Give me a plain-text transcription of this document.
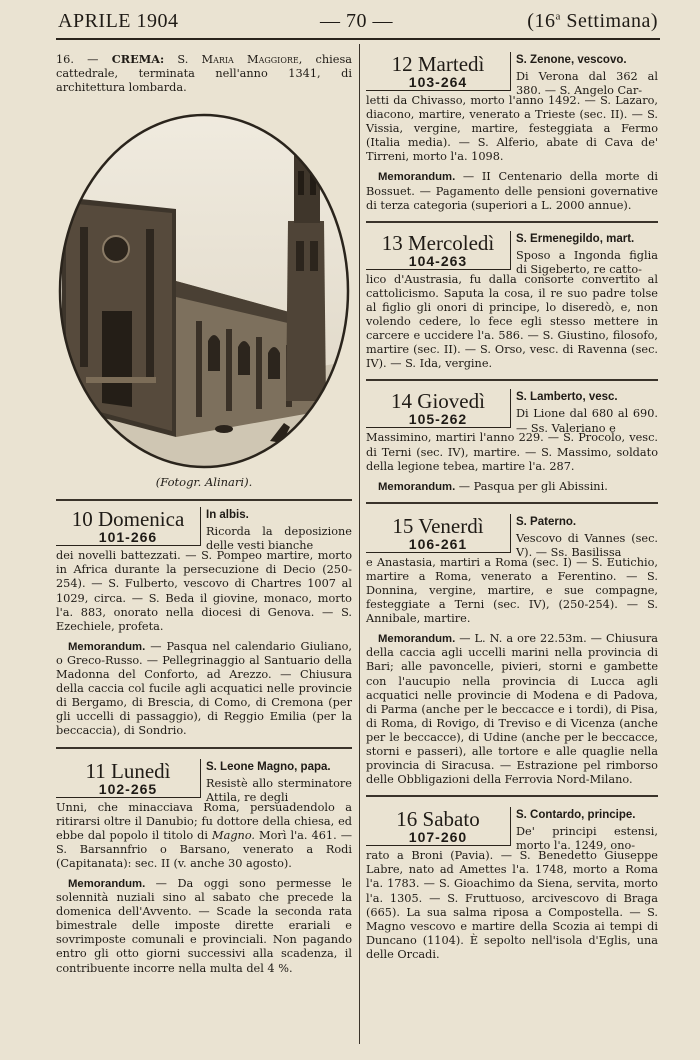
APRILE 1904	— 70 —	(16$^a$ Settimana)

16. — CREMA: S. Maria Maggiore, chiesa cattedrale, terminata nell'anno 1341, di architettura lombarda.

(Fotogr. Alinari).
10 Domenica
101-266
In albis.
Ricorda la deposizione delle vesti bianche

dei novelli battezzati. — S. Pompeo martire, morto in Africa durante la persecuzione di Decio (250-254). — S. Fulberto, vescovo di Chartres 1007 al 1029, circa. — S. Beda il giovine, monaco, morto l'a. 883, onorato nella diocesi di Genova. — S. Ezechiele, profeta.

Memorandum. — Pasqua nel calendario Giuliano, o Greco-Russo. — Pellegrinaggio al Santuario della Madonna del Conforto, ad Arezzo. — Chiusura della caccia col fucile agli acquatici nelle provincie di Bergamo, di Brescia, di Como, di Cremona (per gli uccelli di passaggio), di Reggio Emilia (per la beccaccia), di Sondrio.

11 Lunedì
102-265
S. Leone Magno, papa.
Resistè allo sterminatore Attila, re degli

Unni, che minacciava Roma, persuadendolo a ritirarsi oltre il Danubio; fu dottore della chiesa, ed ebbe dal popolo il titolo di Magno. Morì l'a. 461. — S. Barsannfrio o Barsano, venerato a Rodi (Capitanata): sec. II (v. anche 30 agosto).

Memorandum. — Da oggi sono permesse le solennità nuziali sino al sabato che precede la domenica dell'Avvento. — Scade la seconda rata bimestrale delle imposte dirette erariali e sovrimposte comunali e provinciali. Non pagando entro gli otto giorni successivi alla scadenza, il contribuente incorre nella multa del 4 %.

12 Martedì
103-264
S. Zenone, vescovo.
Di Verona dal 362 al 380. — S. Angelo Car-

letti da Chivasso, morto l'anno 1492. — S. Lazaro, diacono, martire, venerato a Trieste (sec. II). — S. Vissia, vergine, martire, festeggiata a Fermo (Italia media). — S. Alferio, abate di Cava de' Tirreni, morto l'a. 1098.

Memorandum. — II Centenario della morte di Bossuet. — Pagamento delle pensioni governative di terza categoria (superiori a L. 2000 annue).

13 Mercoledì
104-263
S. Ermenegildo, mart.
Sposo a Ingonda figlia di Sigeberto, re catto-

lico d'Austrasia, fu dalla consorte convertito al cattolicismo. Saputa la cosa, il re suo padre tolse al figlio gli onori di principe, lo diseredò, e, non volendo cedere, lo fece egli stesso mettere in carcere e uccidere l'a. 586. — S. Giustino, filosofo, martire (sec. II). — S. Orso, vesc. di Ravenna (sec. IV). — S. Ida, vergine.

14 Giovedì
105-262
S. Lamberto, vesc.
Di Lione dal 680 al 690. — Ss. Valeriano e

Massimino, martiri l'anno 229. — S. Procolo, vesc. di Terni (sec. IV), martire. — S. Massimo, soldato della legione tebea, martire l'a. 287.

Memorandum. — Pasqua per gli Abissini.

15 Venerdì
106-261
S. Paterno.
Vescovo di Vannes (sec. V). — Ss. Basilissa

e Anastasia, martiri a Roma (sec. I) — S. Eutichio, martire a Roma, venerato a Ferentino. — S. Donnina, vergine, martire, e sue compagne, festeggiate a Terni (sec. IV), (250-254). — S. Annibale, martire.

Memorandum. — L. N. a ore 22.53m. — Chiusura della caccia agli uccelli marini nella provincia di Bari; alle pavoncelle, pivieri, storni e gambette con l'aucupio nella provincia di Lucca agli acquatici nelle provincie di Modena e di Padova, di Parma (anche per le beccacce e i tordi), di Pisa, di Roma, di Rovigo, di Treviso e di Vicenza (anche per le beccacce), di Udine (anche per le beccacce, storni e passeri), alle tortore e alle quaglie nella provincia di Siracusa. — Estrazione pel rimborso delle Obbligazioni della Ferrovia Nord-Milano.

16 Sabato
107-260
S. Contardo, principe.
De' principi estensi, morto l'a. 1249, ono-

rato a Broni (Pavia). — S. Benedetto Giuseppe Labre, nato ad Amettes l'a. 1748, morto a Roma l'a. 1783. — S. Gioachimo da Siena, servita, morto l'a. 1305. — S. Fruttuoso, arcivescovo di Braga (665). La sua salma riposa a Compostella. — S. Magno vescovo e martire della Scozia ai tempi di Duncano (1104). È sepolto nell'isola d'Eglis, una delle Orcadi.
